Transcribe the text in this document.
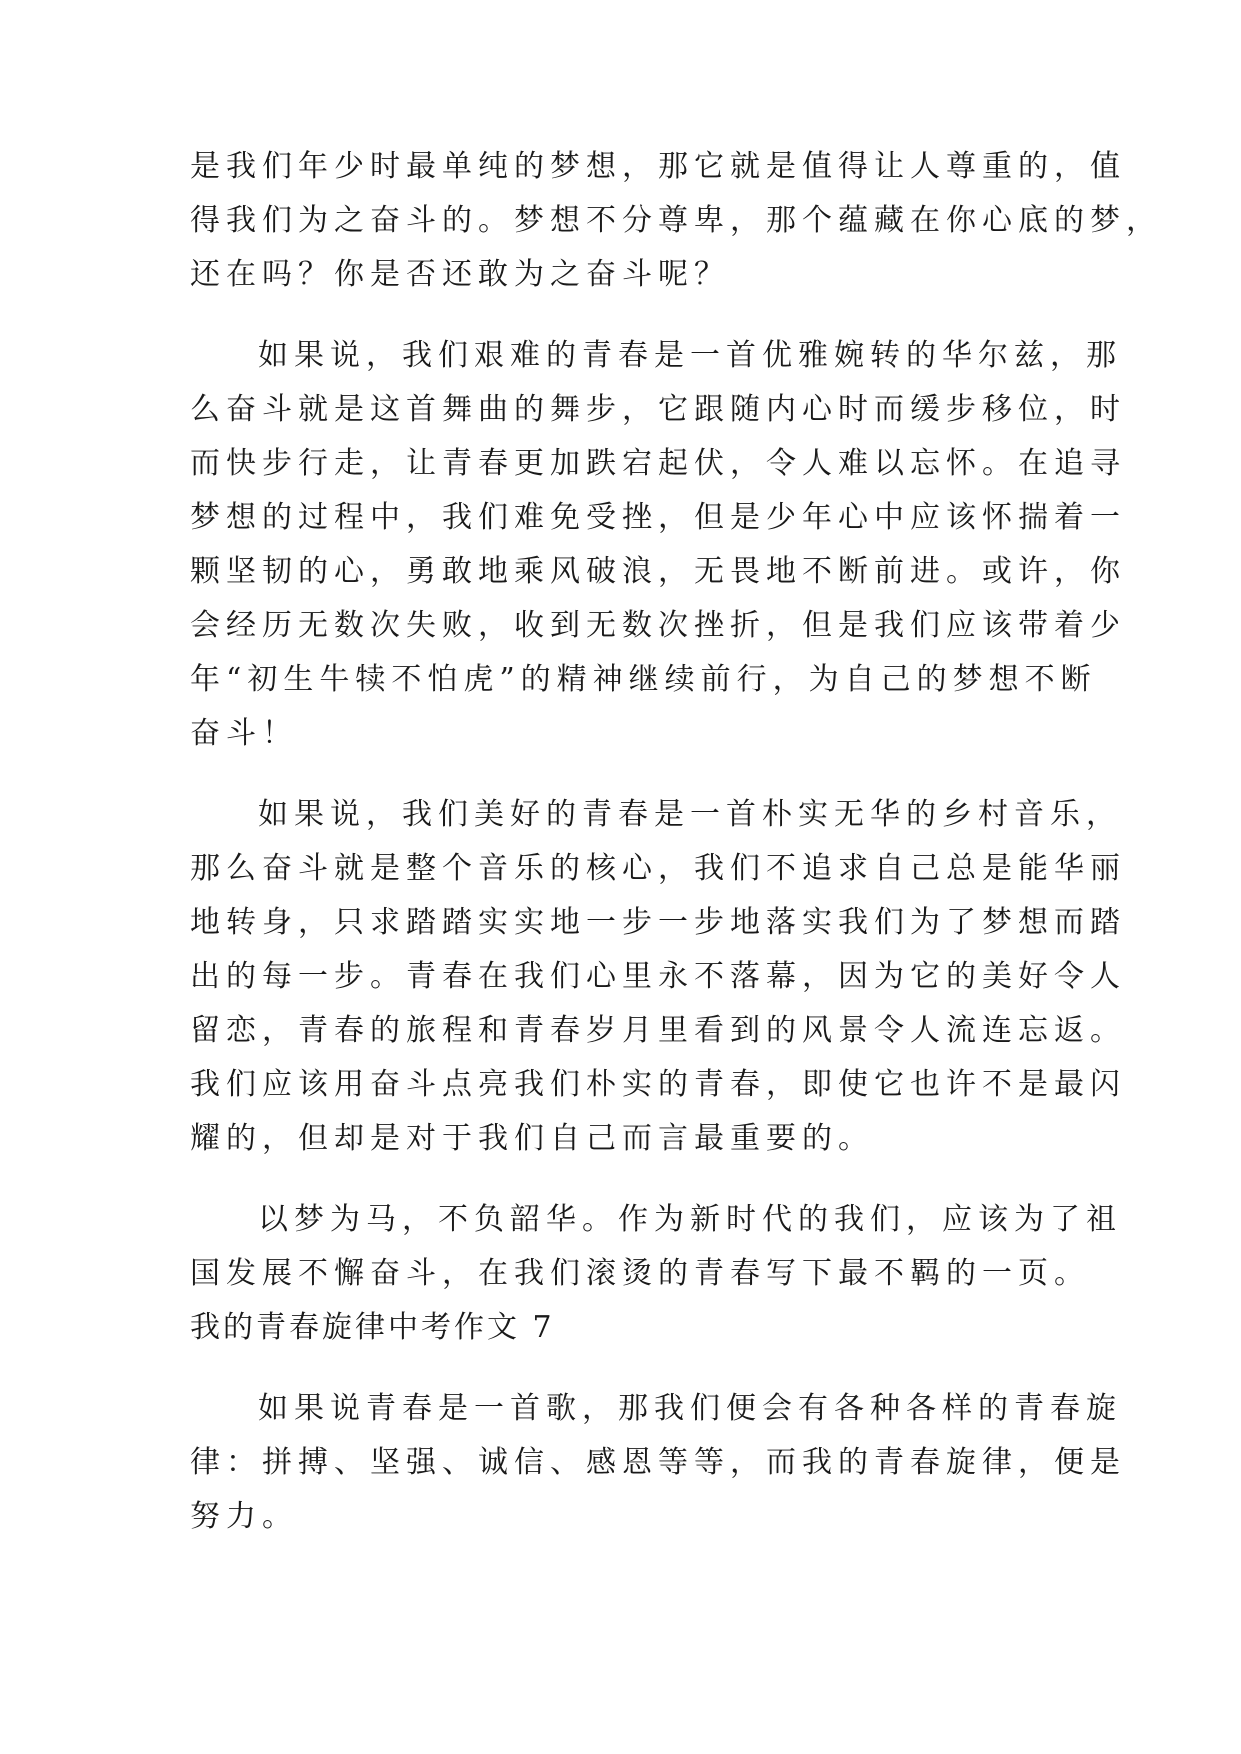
是我们年少时最单纯的梦想，那它就是值得让人尊重的，值
得我们为之奋斗的。梦想不分尊卑，那个蕴藏在你心底的梦，
还在吗？你是否还敢为之奋斗呢？
如果说，我们艰难的青春是一首优雅婉转的华尔兹，那
么奋斗就是这首舞曲的舞步，它跟随内心时而缓步移位，时
而快步行走，让青春更加跌宕起伏，令人难以忘怀。在追寻
梦想的过程中，我们难免受挫，但是少年心中应该怀揣着一
颗坚韧的心，勇敢地乘风破浪，无畏地不断前进。或许，你
会经历无数次失败，收到无数次挫折，但是我们应该带着少
年“初生牛犊不怕虎”的精神继续前行，为自己的梦想不断
奋斗！
如果说，我们美好的青春是一首朴实无华的乡村音乐，
那么奋斗就是整个音乐的核心，我们不追求自己总是能华丽
地转身，只求踏踏实实地一步一步地落实我们为了梦想而踏
出的每一步。青春在我们心里永不落幕，因为它的美好令人
留恋，青春的旅程和青春岁月里看到的风景令人流连忘返。
我们应该用奋斗点亮我们朴实的青春，即使它也许不是最闪
耀的，但却是对于我们自己而言最重要的。
以梦为马，不负韶华。作为新时代的我们，应该为了祖
国发展不懈奋斗，在我们滚烫的青春写下最不羁的一页。
我的青春旋律中考作文 7
如果说青春是一首歌，那我们便会有各种各样的青春旋
律：拼搏、坚强、诚信、感恩等等，而我的青春旋律，便是
努力。
